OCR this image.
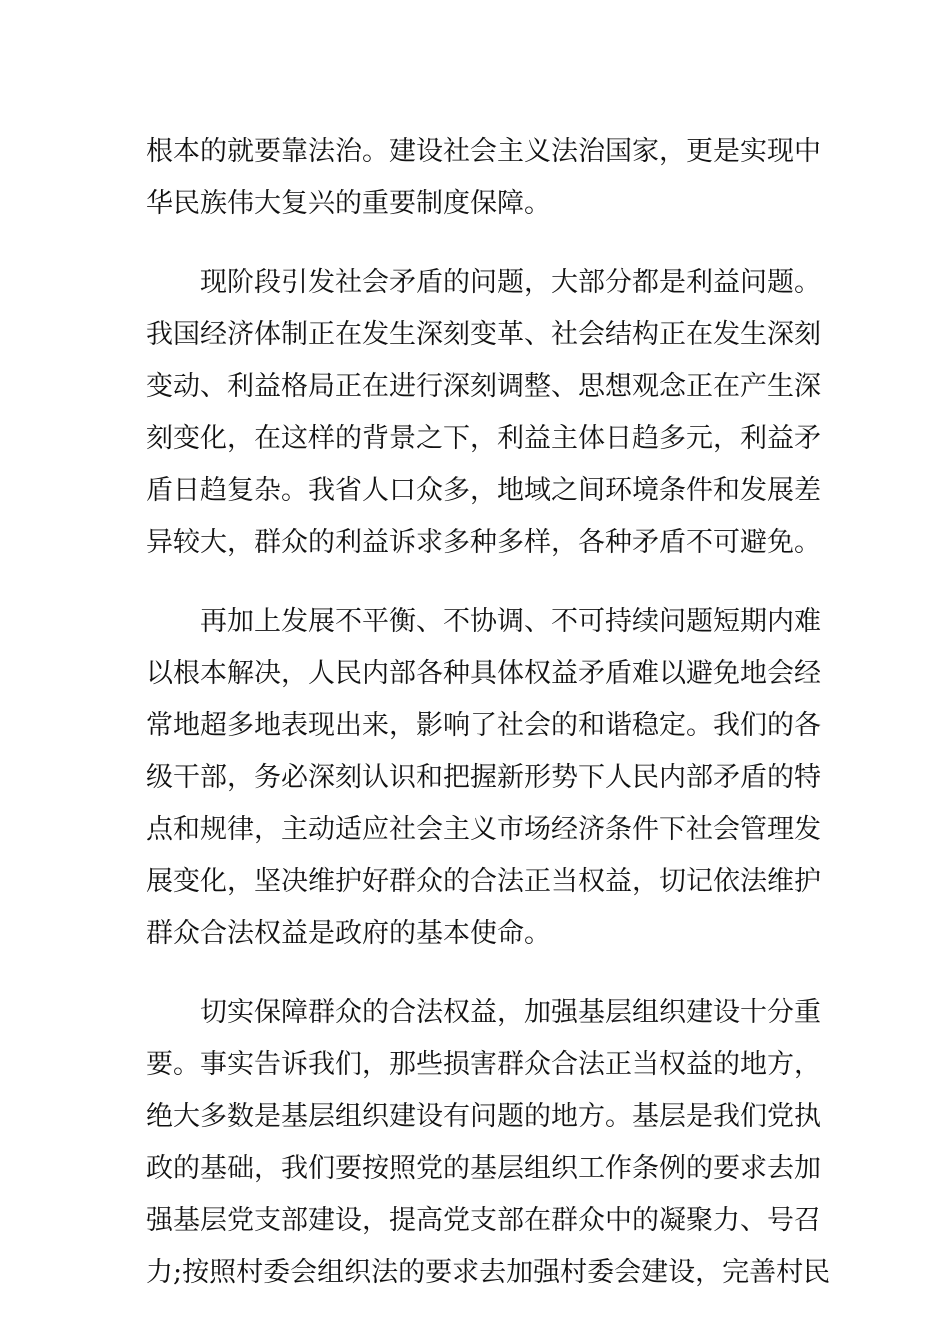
根本的就要靠法治。建设社会主义法治国家，更是实现中
华民族伟大复兴的重要制度保障。
现阶段引发社会矛盾的问题，大部分都是利益问题。
我国经济体制正在发生深刻变革、社会结构正在发生深刻
变动、利益格局正在进行深刻调整、思想观念正在产生深
刻变化，在这样的背景之下，利益主体日趋多元，利益矛
盾日趋复杂。我省人口众多，地域之间环境条件和发展差
异较大，群众的利益诉求多种多样，各种矛盾不可避免。
再加上发展不平衡、不协调、不可持续问题短期内难
以根本解决，人民内部各种具体权益矛盾难以避免地会经
常地超多地表现出来，影响了社会的和谐稳定。我们的各
级干部，务必深刻认识和把握新形势下人民内部矛盾的特
点和规律，主动适应社会主义市场经济条件下社会管理发
展变化，坚决维护好群众的合法正当权益，切记依法维护
群众合法权益是政府的基本使命。
切实保障群众的合法权益，加强基层组织建设十分重
要。事实告诉我们，那些损害群众合法正当权益的地方，
绝大多数是基层组织建设有问题的地方。基层是我们党执
政的基础，我们要按照党的基层组织工作条例的要求去加
强基层党支部建设，提高党支部在群众中的凝聚力、号召
力;按照村委会组织法的要求去加强村委会建设，完善村民
